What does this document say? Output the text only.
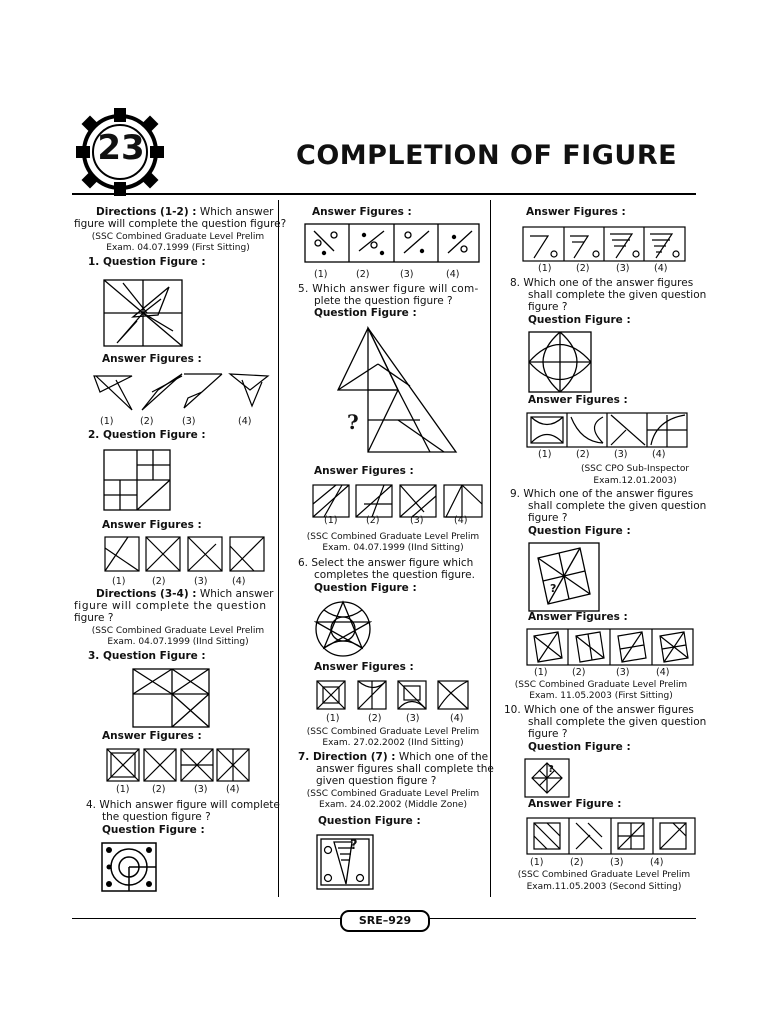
23	COMPLETION OF FIGURE
Directions (1-2) : Which answer
figure will complete the question figure?
(SSC Combined Graduate Level Prelim
Exam. 04.07.1999 (First Sitting)
1. Question Figure :
Answer Figures :
(1)	(2)	(3)	(4)
2. Question Figure :
Answer Figures :
(1)	(2)	(3)	(4)
Directions (3-4) : Which answer
figure will complete the question
figure ?
(SSC Combined Graduate Level Prelim
Exam. 04.07.1999 (IInd Sitting)
3. Question Figure :
Answer Figures :
(1) (2)	(3) (4)
4. Which answer figure will complete
the question figure ?
Question Figure :
Answer Figures :
(1)	(2)	(3)	(4)
5. Which answer figure will com-
plete the question figure ?
Question Figure :
?
Answer Figures :
(1)	(2)	(3)	(4)
(SSC Combined Graduate Level Prelim
Exam. 04.07.1999 (IInd Sitting)
6. Select the answer figure which
completes the question figure.
Question Figure :
Answer Figures :
(1)	(2)	(3)	(4)
(SSC Combined Graduate Level Prelim
Exam. 27.02.2002 (IInd Sitting)
7. Direction (7) : Which one of the
answer figures shall complete the
given question figure ?
(SSC Combined Graduate Level Prelim
Exam. 24.02.2002 (Middle Zone)
Question Figure :
?
Answer Figures :
(1)	(2)	(3)	(4)
8. Which one of the answer figures
shall complete the given question
figure ?
Question Figure :
Answer Figures :
(1)	(2)	(3)	(4)
(SSC CPO Sub-Inspector
Exam.12.01.2003)
9. Which one of the answer figures
shall complete the given question
figure ?
Question Figure :
?
Answer Figures :
(1)	(2)	(3)	(4)
(SSC Combined Graduate Level Prelim
Exam. 11.05.2003 (First Sitting)
10. Which one of the answer figures
shall complete the given question
figure ?
Question Figure :
?
Answer Figure :
(1)	(2)	(3)	(4)
(SSC Combined Graduate Level Prelim
Exam.11.05.2003 (Second Sitting)
SRE–929
